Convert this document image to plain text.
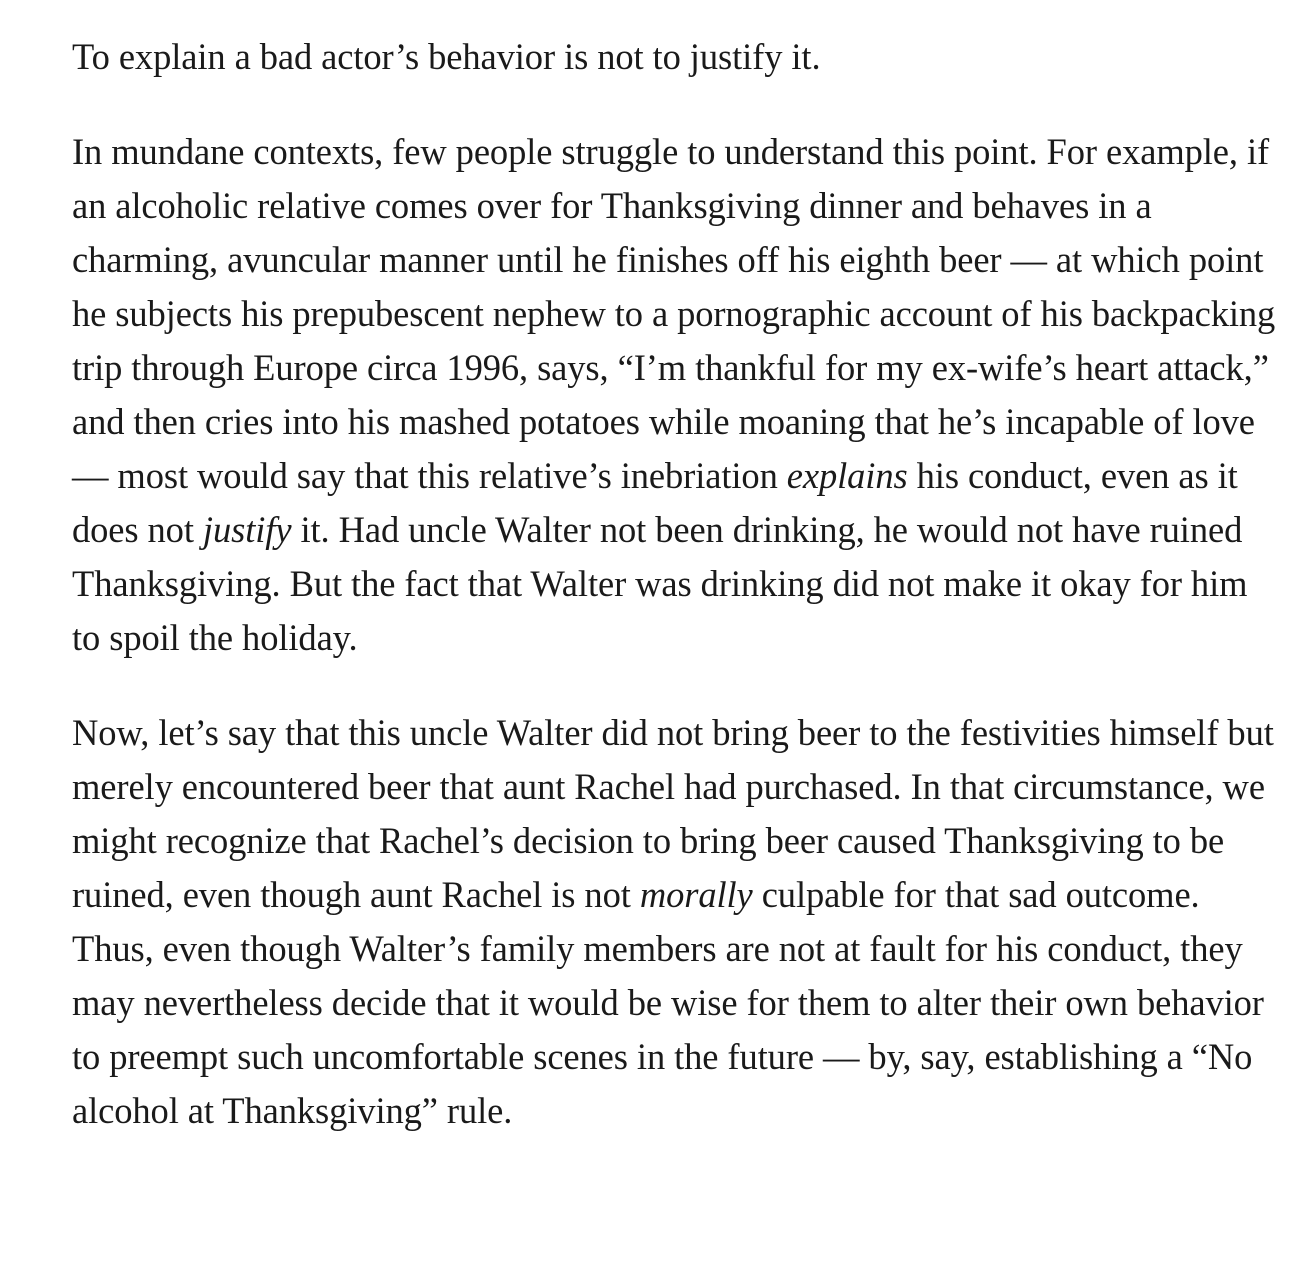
To explain a bad actor’s behavior is not to justify it.

In mundane contexts, few people struggle to understand this point. For example, if an alcoholic relative comes over for Thanksgiving dinner and behaves in a charming, avuncular manner until he finishes off his eighth beer — at which point he subjects his prepubescent nephew to a pornographic account of his backpacking trip through Europe circa 1996, says, “I’m thankful for my ex-wife’s heart attack,” and then cries into his mashed potatoes while moaning that he’s incapable of love — most would say that this relative’s inebriation explains his conduct, even as it does not justify it. Had uncle Walter not been drinking, he would not have ruined Thanksgiving. But the fact that Walter was drinking did not make it okay for him to spoil the holiday.

Now, let’s say that this uncle Walter did not bring beer to the festivities himself but merely encountered beer that aunt Rachel had purchased. In that circumstance, we might recognize that Rachel’s decision to bring beer caused Thanksgiving to be ruined, even though aunt Rachel is not morally culpable for that sad outcome. Thus, even though Walter’s family members are not at fault for his conduct, they may nevertheless decide that it would be wise for them to alter their own behavior to preempt such uncomfortable scenes in the future — by, say, establishing a “No alcohol at Thanksgiving” rule.
